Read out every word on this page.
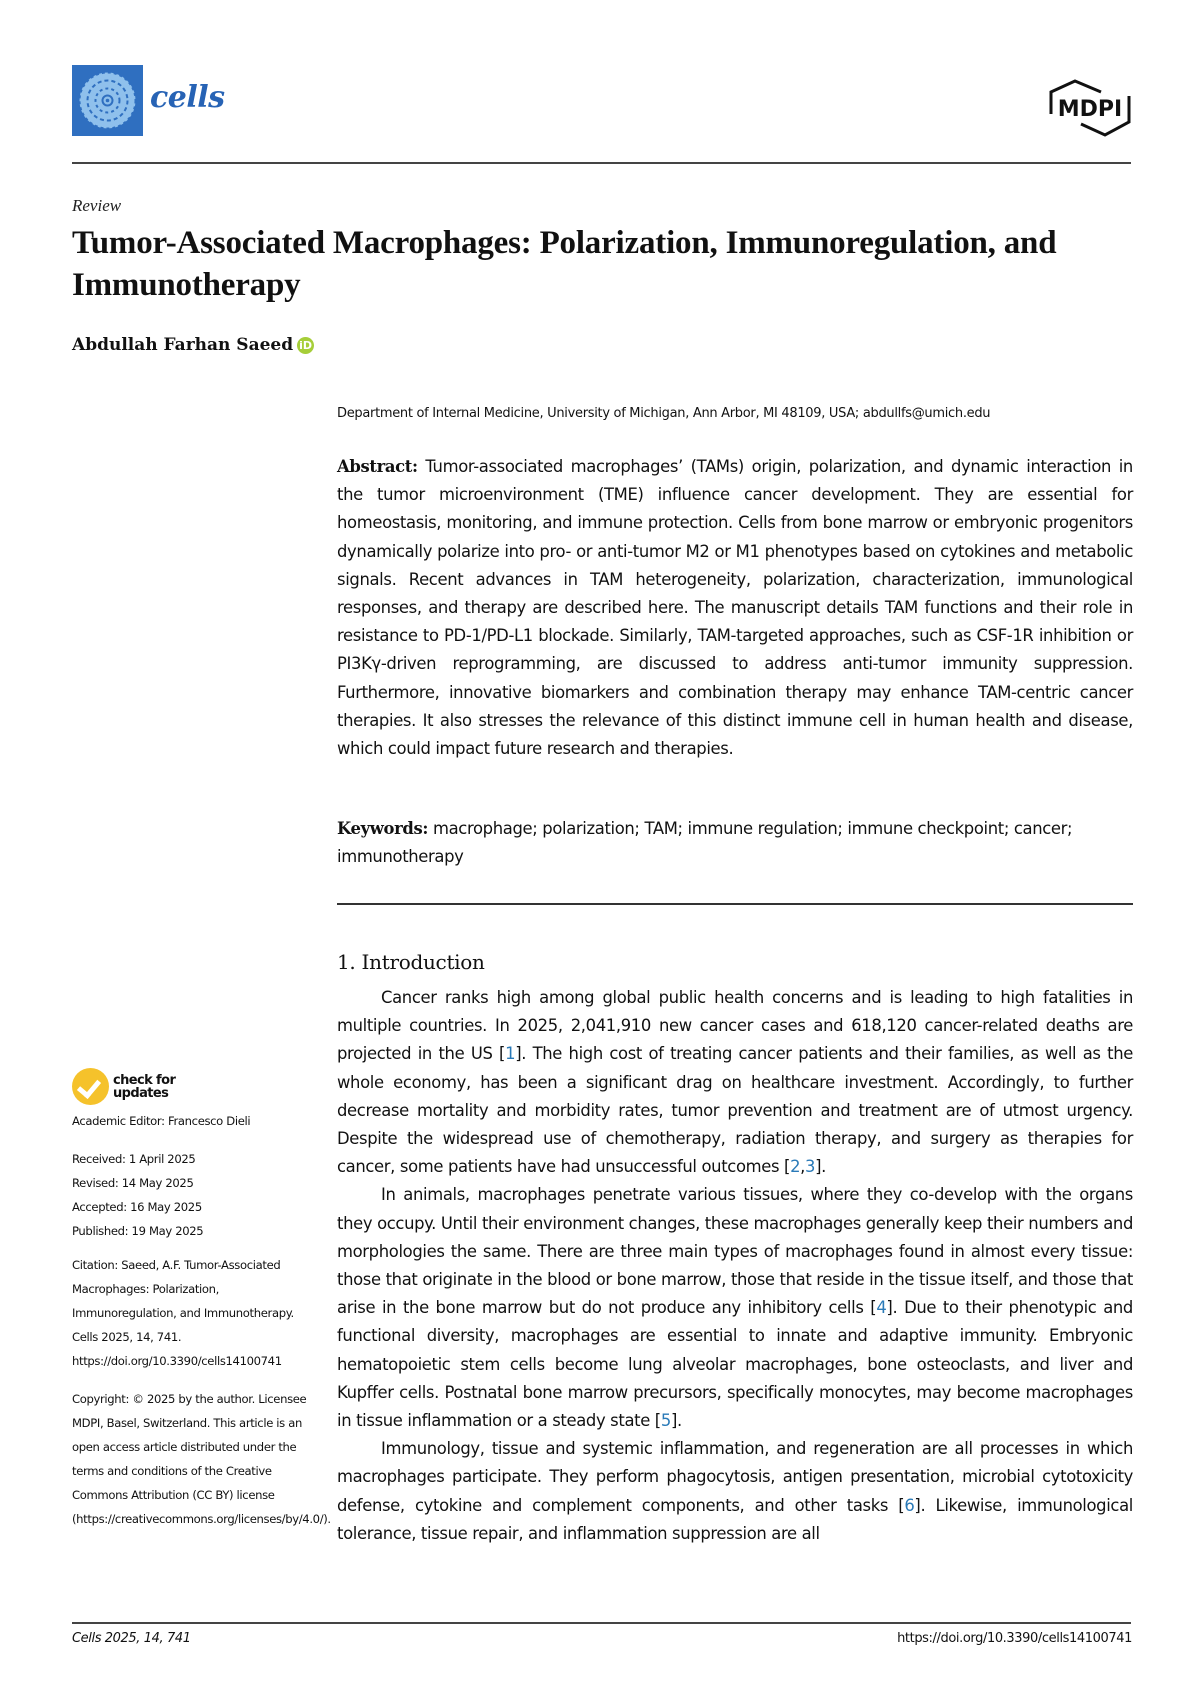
cells	MDPI
Review
Tumor-Associated Macrophages: Polarization, Immunoregulation, and Immunotherapy
Abdullah Farhan Saeed iD
Department of Internal Medicine, University of Michigan, Ann Arbor, MI 48109, USA; abdullfs@umich.edu
Abstract: Tumor-associated macrophages’ (TAMs) origin, polarization, and dynamic interaction in the tumor microenvironment (TME) influence cancer development. They are essential for homeostasis, monitoring, and immune protection. Cells from bone marrow or embryonic progenitors dynamically polarize into pro- or anti-tumor M2 or M1 phenotypes based on cytokines and metabolic signals. Recent advances in TAM heterogeneity, polarization, characterization, immunological responses, and therapy are described here. The manuscript details TAM functions and their role in resistance to PD-1/PD-L1 blockade. Similarly, TAM-targeted approaches, such as CSF-1R inhibition or PI3Kγ-driven reprogramming, are discussed to address anti-tumor immunity suppression. Furthermore, innovative biomarkers and combination therapy may enhance TAM-centric cancer therapies. It also stresses the relevance of this distinct immune cell in human health and disease, which could impact future research and therapies.
Keywords: macrophage; polarization; TAM; immune regulation; immune checkpoint; cancer; immunotherapy
1. Introduction

Cancer ranks high among global public health concerns and is leading to high fatalities in multiple countries. In 2025, 2,041,910 new cancer cases and 618,120 cancer-related deaths are projected in the US [1]. The high cost of treating cancer patients and their families, as well as the whole economy, has been a significant drag on healthcare investment. Accordingly, to further decrease mortality and morbidity rates, tumor prevention and treatment are of utmost urgency. Despite the widespread use of chemotherapy, radiation therapy, and surgery as therapies for cancer, some patients have had unsuccessful outcomes [2,3].

In animals, macrophages penetrate various tissues, where they co-develop with the organs they occupy. Until their environment changes, these macrophages generally keep their numbers and morphologies the same. There are three main types of macrophages found in almost every tissue: those that originate in the blood or bone marrow, those that reside in the tissue itself, and those that arise in the bone marrow but do not produce any inhibitory cells [4]. Due to their phenotypic and functional diversity, macrophages are essential to innate and adaptive immunity. Embryonic hematopoietic stem cells become lung alveolar macrophages, bone osteoclasts, and liver and Kupffer cells. Postnatal bone marrow precursors, specifically monocytes, may become macrophages in tissue inflammation or a steady state [5].

Immunology, tissue and systemic inflammation, and regeneration are all processes in which macrophages participate. They perform phagocytosis, antigen presentation, microbial cytotoxicity defense, cytokine and complement components, and other tasks [6]. Likewise, immunological tolerance, tissue repair, and inflammation suppression are all

check for
updates
Academic Editor: Francesco Dieli
Received: 1 April 2025
Revised: 14 May 2025
Accepted: 16 May 2025
Published: 19 May 2025
Citation: Saeed, A.F. Tumor-Associated Macrophages: Polarization, Immunoregulation, and Immunotherapy. Cells 2025, 14, 741. https://doi.org/10.3390/cells14100741
Copyright: © 2025 by the author. Licensee MDPI, Basel, Switzerland. This article is an open access article distributed under the terms and conditions of the Creative Commons Attribution (CC BY) license (https://creativecommons.org/licenses/by/4.0/).
Cells 2025, 14, 741	https://doi.org/10.3390/cells14100741
